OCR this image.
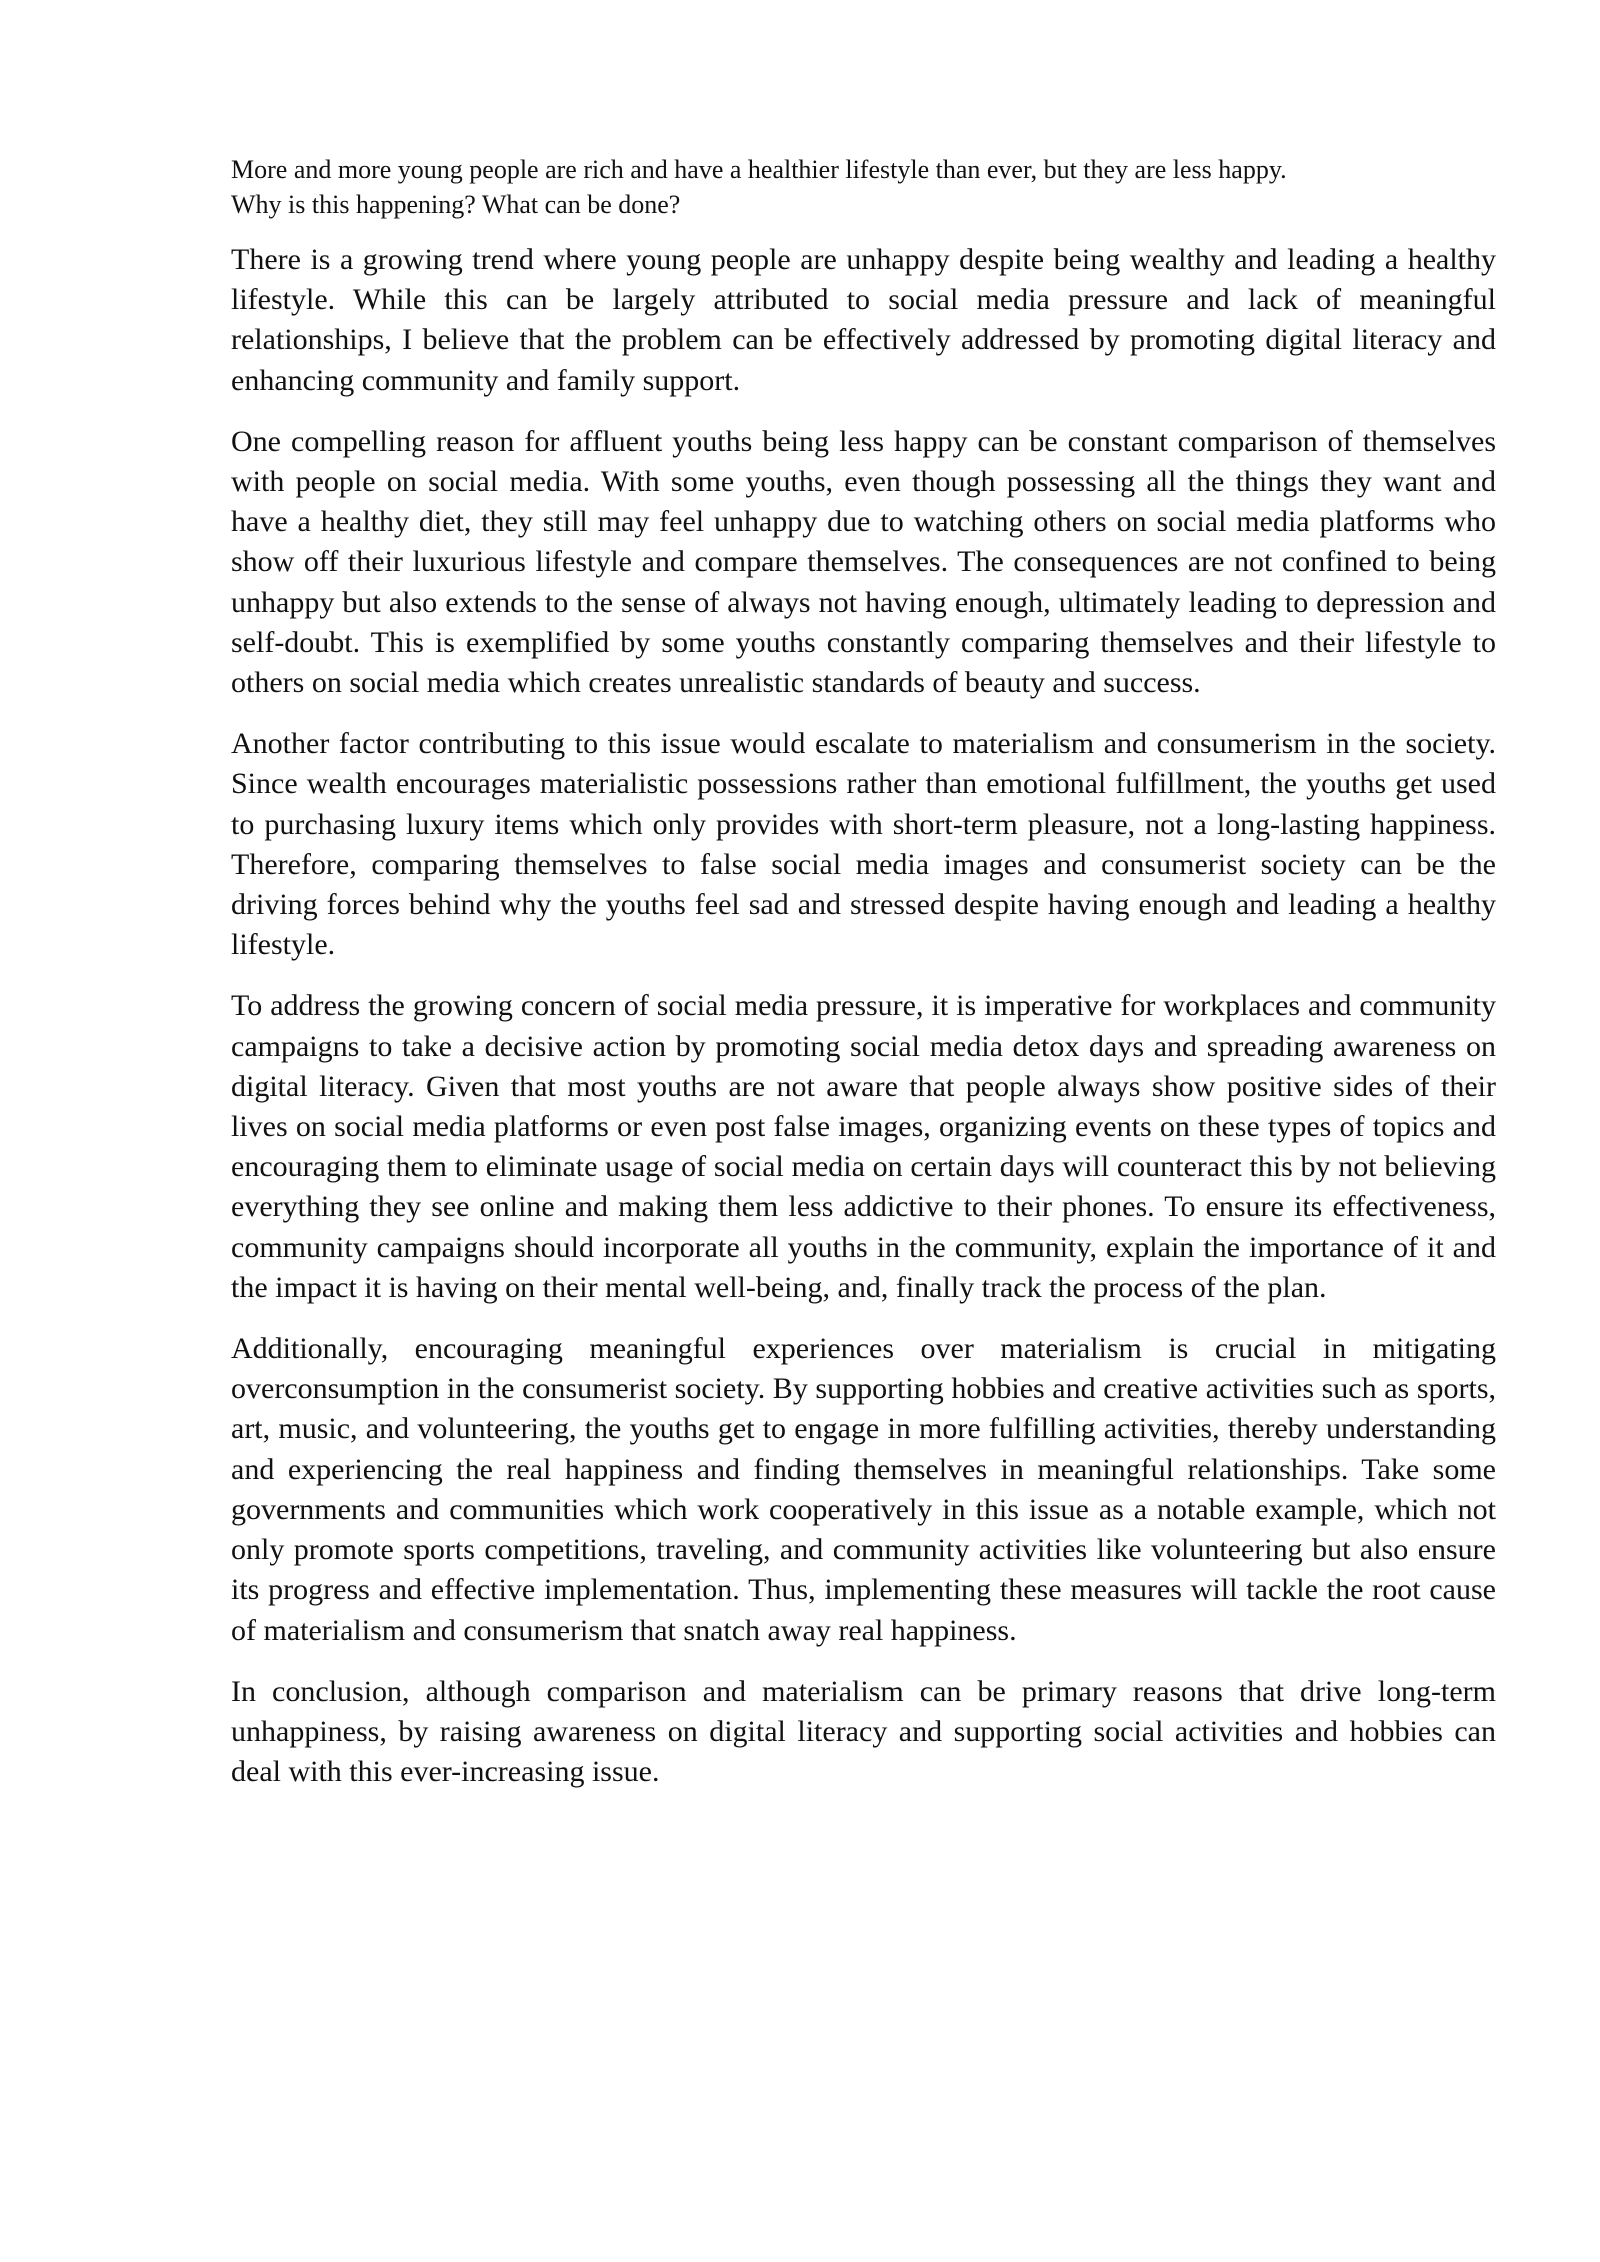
More and more young people are rich and have a healthier lifestyle than ever, but they are less happy.
Why is this happening? What can be done?

There is a growing trend where young people are unhappy despite being wealthy and leading a healthy lifestyle. While this can be largely attributed to social media pressure and lack of meaningful relationships, I believe that the problem can be effectively addressed by promoting digital literacy and enhancing community and family support.

One compelling reason for affluent youths being less happy can be constant comparison of themselves with people on social media. With some youths, even though possessing all the things they want and have a healthy diet, they still may feel unhappy due to watching others on social media platforms who show off their luxurious lifestyle and compare themselves. The consequences are not confined to being unhappy but also extends to the sense of always not having enough, ultimately leading to depression and self-doubt. This is exemplified by some youths constantly comparing themselves and their lifestyle to others on social media which creates unrealistic standards of beauty and success.

Another factor contributing to this issue would escalate to materialism and consumerism in the society. Since wealth encourages materialistic possessions rather than emotional fulfillment, the youths get used to purchasing luxury items which only provides with short-term pleasure, not a long-lasting happiness. Therefore, comparing themselves to false social media images and consumerist society can be the driving forces behind why the youths feel sad and stressed despite having enough and leading a healthy lifestyle.

To address the growing concern of social media pressure, it is imperative for workplaces and community campaigns to take a decisive action by promoting social media detox days and spreading awareness on digital literacy. Given that most youths are not aware that people always show positive sides of their lives on social media platforms or even post false images, organizing events on these types of topics and encouraging them to eliminate usage of social media on certain days will counteract this by not believing everything they see online and making them less addictive to their phones. To ensure its effectiveness, community campaigns should incorporate all youths in the community, explain the importance of it and the impact it is having on their mental well-being, and, finally track the process of the plan.

Additionally, encouraging meaningful experiences over materialism is crucial in mitigating overconsumption in the consumerist society. By supporting hobbies and creative activities such as sports, art, music, and volunteering, the youths get to engage in more fulfilling activities, thereby understanding and experiencing the real happiness and finding themselves in meaningful relationships. Take some governments and communities which work cooperatively in this issue as a notable example, which not only promote sports competitions, traveling, and community activities like volunteering but also ensure its progress and effective implementation. Thus, implementing these measures will tackle the root cause of materialism and consumerism that snatch away real happiness.

In conclusion, although comparison and materialism can be primary reasons that drive long-term unhappiness, by raising awareness on digital literacy and supporting social activities and hobbies can deal with this ever-increasing issue.
